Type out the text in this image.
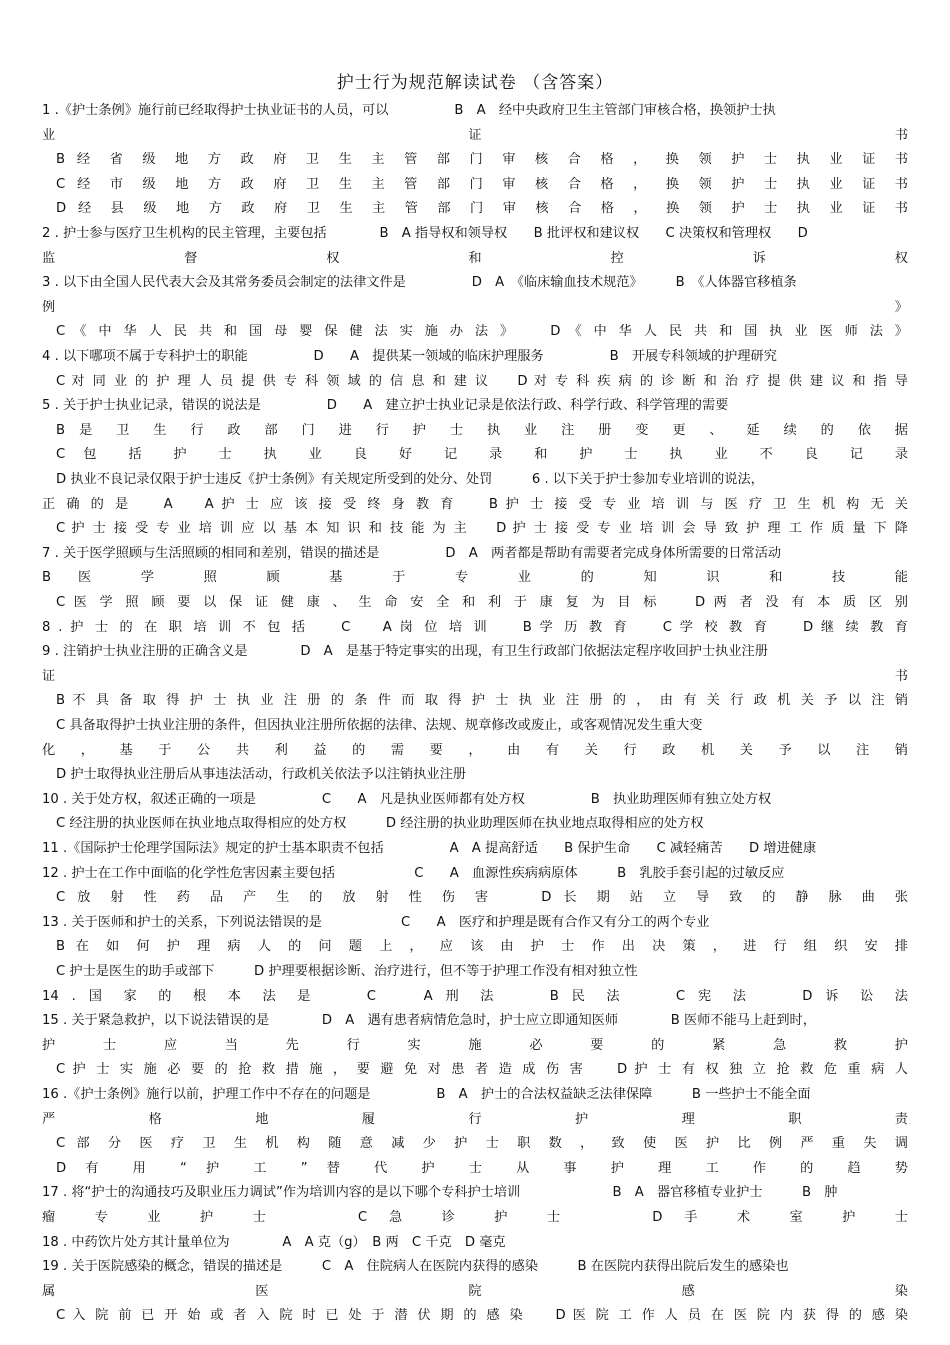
护士行为规范解读试卷 （含答案）
1 .《护士条例》施行前已经取得护士执业证书的人员，可以　　　　　B　A　经中央政府卫生主管部门审核合格，换领护士执
业 证 书
B 经 省 级 地 方 政 府 卫 生 主 管 部 门 审 核 合 格 ， 换 领 护 士 执 业 证 书
C 经 市 级 地 方 政 府 卫 生 主 管 部 门 审 核 合 格 ， 换 领 护 士 执 业 证 书
D 经 县 级 地 方 政 府 卫 生 主 管 部 门 审 核 合 格 ， 换 领 护 士 执 业 证 书
2 . 护士参与医疗卫生机构的民主管理，主要包括　　　　B　A 指导权和领导权　　B 批评权和建议权　　C 决策权和管理权　　D
监 督 权 和 控 诉 权
3 . 以下由全国人民代表大会及其常务委员会制定的法律文件是　　　　　D　A　《临床输血技术规范》　　　B　《人体器官移植条
例 》
C 《 中 华 人 民 共 和 国 母 婴 保 健 法 实 施 办 法 》 　 D 《 中 华 人 民 共 和 国 执 业 医 师 法 》
4 . 以下哪项不属于专科护士的职能　　　　　D　　A　提供某一领域的临床护理服务　　　　　B　开展专科领域的护理研究
C 对 同 业 的 护 理 人 员 提 供 专 科 领 域 的 信 息 和 建 议 　 D 对 专 科 疾 病 的 诊 断 和 治 疗 提 供 建 议 和 指 导
5 . 关于护士执业记录，错误的说法是　　　　　D　　A　建立护士执业记录是依法行政、科学行政、科学管理的需要
B 是 卫 生 行 政 部 门 进 行 护 士 执 业 注 册 变 更 、 延 续 的 依 据
C 包 括 护 士 执 业 良 好 记 录 和 护 士 执 业 不 良 记 录
D 执业不良记录仅限于护士违反《护士条例》有关规定所受到的处分、处罚　　　6 . 以下关于护士参加专业培训的说法，
正 确 的 是 　 A 　 A 护 士 应 该 接 受 终 身 教 育 　 B 护 士 接 受 专 业 培 训 与 医 疗 卫 生 机 构 无 关
C 护 士 接 受 专 业 培 训 应 以 基 本 知 识 和 技 能 为 主 　 D 护 士 接 受 专 业 培 训 会 导 致 护 理 工 作 质 量 下 降
7 . 关于医学照顾与生活照顾的相同和差别，错误的描述是　　　　　D　A　两者都是帮助有需要者完成身体所需要的日常活动
B 医 学 照 顾 基 于 专 业 的 知 识 和 技 能
C 医 学 照 顾 要 以 保 证 健 康 、 生 命 安 全 和 利 于 康 复 为 目 标 　 D 两 者 没 有 本 质 区 别
8 . 护 士 的 在 职 培 训 不 包 括 　 C 　 A 岗 位 培 训 　 B 学 历 教 育 　 C 学 校 教 育 　 D 继 续 教 育
9 . 注销护士执业注册的正确含义是　　　　D　A　是基于特定事实的出现，有卫生行政部门依据法定程序收回护士执业注册
证 书
B 不 具 备 取 得 护 士 执 业 注 册 的 条 件 而 取 得 护 士 执 业 注 册 的 ， 由 有 关 行 政 机 关 予 以 注 销
C 具备取得护士执业注册的条件，但因执业注册所依据的法律、法规、规章修改或废止，或客观情况发生重大变
化 ， 基 于 公 共 利 益 的 需 要 ， 由 有 关 行 政 机 关 予 以 注 销
D 护士取得执业注册后从事违法活动，行政机关依法予以注销执业注册
10 . 关于处方权，叙述正确的一项是　　　　　C　　A　凡是执业医师都有处方权　　　　　B　执业助理医师有独立处方权
C 经注册的执业医师在执业地点取得相应的处方权　　　D 经注册的执业助理医师在执业地点取得相应的处方权
11 .《国际护士伦理学国际法》规定的护士基本职责不包括　　　　　A　A 提高舒适　　B 保护生命　　C 减轻痛苦　　D 增进健康
12 . 护士在工作中面临的化学性危害因素主要包括　　　　　　C　　A　血源性疾病病原体　　　B　乳胶手套引起的过敏反应
C 放 射 性 药 品 产 生 的 放 射 性 伤 害 　 D 长 期 站 立 导 致 的 静 脉 曲 张
13 . 关于医师和护士的关系，下列说法错误的是　　　　　　C　　A　医疗和护理是既有合作又有分工的两个专业
B 在 如 何 护 理 病 人 的 问 题 上 ， 应 该 由 护 士 作 出 决 策 ， 进 行 组 织 安 排
C 护士是医生的助手或部下　　　D 护理要根据诊断、治疗进行，但不等于护理工作没有相对独立性
14 . 国 家 的 根 本 法 是 　 C 　 A 刑 法 　 B 民 法 　 C 宪 法 　 D 诉 讼 法
15 . 关于紧急救护，以下说法错误的是　　　　D　A　遇有患者病情危急时，护士应立即通知医师　　　　B 医师不能马上赶到时，
护 士 应 当 先 行 实 施 必 要 的 紧 急 救 护
C 护 士 实 施 必 要 的 抢 救 措 施 ， 要 避 免 对 患 者 造 成 伤 害 　 D 护 士 有 权 独 立 抢 救 危 重 病 人
16 .《护士条例》施行以前，护理工作中不存在的问题是　　　　　B　A　护士的合法权益缺乏法律保障　　　B 一些护士不能全面
严 格 地 履 行 护 理 职 责
C 部 分 医 疗 卫 生 机 构 随 意 减 少 护 士 职 数 ， 致 使 医 护 比 例 严 重 失 调
D 有 用 “ 护 工 ” 替 代 护 士 从 事 护 理 工 作 的 趋 势
17 . 将“护士的沟通技巧及职业压力调试”作为培训内容的是以下哪个专科护士培训　　　　　　　B　A　器官移植专业护士　　　B　肿
瘤 专 业 护 士 　 C 急 诊 护 士 　 D 手 术 室 护 士
18 . 中药饮片处方其计量单位为　　　　A　A 克（g）　B 两　C 千克　D 毫克
19 . 关于医院感染的概念，错误的描述是　　　C　A　住院病人在医院内获得的感染　　　B 在医院内获得出院后发生的感染也
属 医 院 感 染
C 入 院 前 已 开 始 或 者 入 院 时 已 处 于 潜 伏 期 的 感 染 　 D 医 院 工 作 人 员 在 医 院 内 获 得 的 感 染
